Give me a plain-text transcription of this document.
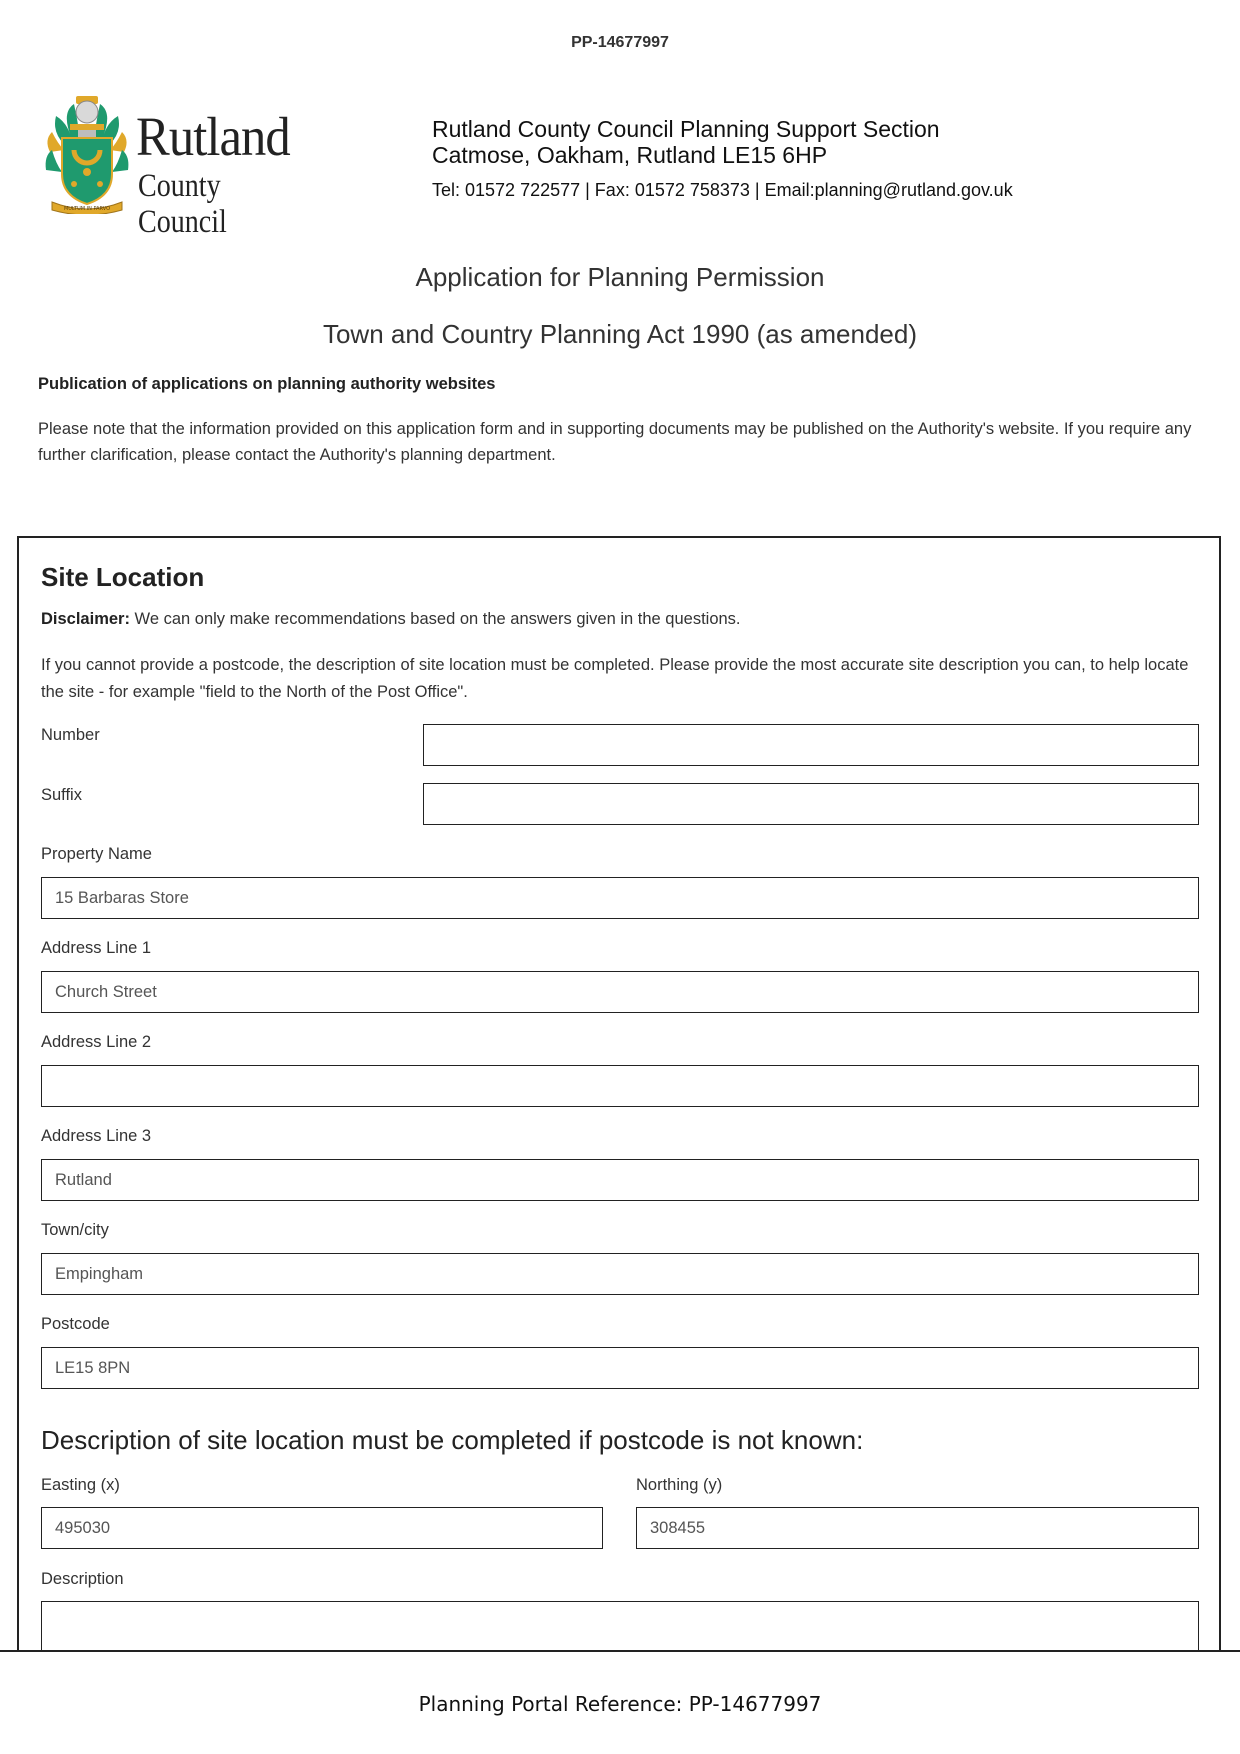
PP-14677997
MULTUM IN PARVO
Rutland
County Council
Rutland County Council Planning Support Section
Catmose, Oakham, Rutland LE15 6HP
Tel: 01572 722577 | Fax: 01572 758373 | Email:planning@rutland.gov.uk
Application for Planning Permission
Town and Country Planning Act 1990 (as amended)
Publication of applications on planning authority websites
Please note that the information provided on this application form and in supporting documents may be published on the Authority's website. If you require any further clarification, please contact the Authority's planning department.
Site Location
Disclaimer: We can only make recommendations based on the answers given in the questions.
If you cannot provide a postcode, the description of site location must be completed. Please provide the most accurate site description you can, to help locate the site - for example "field to the North of the Post Office".
Number
Suffix
Property Name
15 Barbaras Store
Address Line 1
Church Street
Address Line 2
Address Line 3
Rutland
Town/city
Empingham
Postcode
LE15 8PN
Description of site location must be completed if postcode is not known:
Easting (x)
495030
Northing (y)
308455
Description
Planning Portal Reference: PP-14677997
